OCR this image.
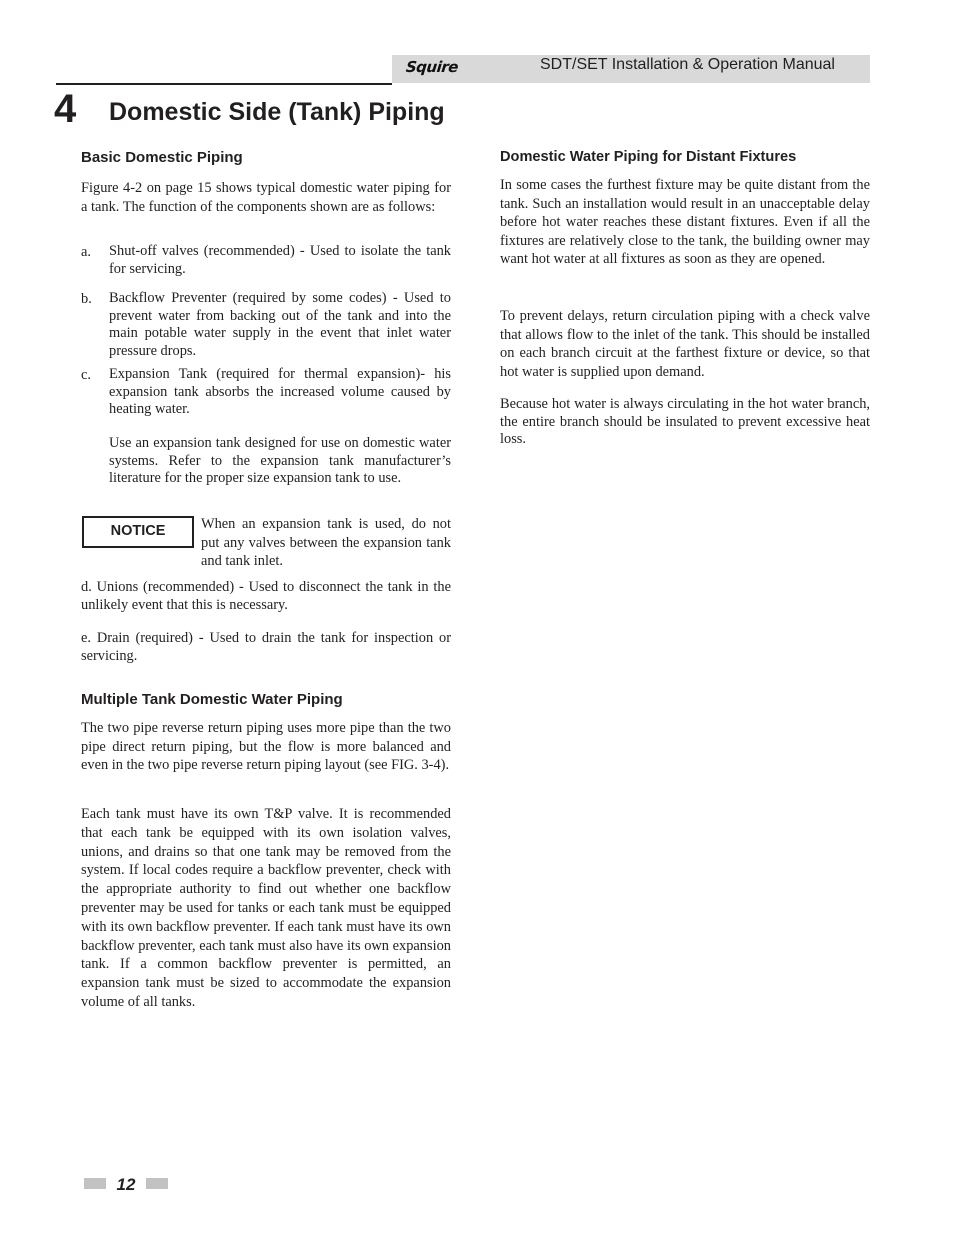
Squire	SDT/SET Installation & Operation Manual
4 Domestic Side (Tank) Piping
Basic Domestic Piping

Figure 4-2 on page 15 shows typical domestic water piping for a tank. The function of the components shown are as follows:

a. Shut-off valves (recommended) - Used to isolate the tank for servicing.
b. Backflow Preventer (required by some codes) - Used to prevent water from backing out of the tank and into the main potable water supply in the event that inlet water pressure drops.
c. Expansion Tank (required for thermal expansion)- his expansion tank absorbs the increased volume caused by heating water.
Use an expansion tank designed for use on domestic water systems. Refer to the expansion tank manufacturer’s literature for the proper size expansion tank to use.
NOTICE	When an expansion tank is used, do not put any valves between the expansion tank and tank inlet.

d. Unions (recommended) - Used to disconnect the tank in the unlikely event that this is necessary.

e. Drain (required) - Used to drain the tank for inspection or servicing.

Multiple Tank Domestic Water Piping

The two pipe reverse return piping uses more pipe than the two pipe direct return piping, but the flow is more balanced and even in the two pipe reverse return piping layout (see FIG. 3-4).

Each tank must have its own T&P valve. It is recommended that each tank be equipped with its own isolation valves, unions, and drains so that one tank may be removed from the system. If local codes require a backflow preventer, check with the appropriate authority to find out whether one backflow preventer may be used for tanks or each tank must be equipped with its own backflow preventer. If each tank must have its own backflow preventer, each tank must also have its own expansion tank. If a common backflow preventer is permitted, an expansion tank must be sized to accommodate the expansion volume of all tanks.

Domestic Water Piping for Distant Fixtures

In some cases the furthest fixture may be quite distant from the tank. Such an installation would result in an unacceptable delay before hot water reaches these distant fixtures. Even if all the fixtures are relatively close to the tank, the building owner may want hot water at all fixtures as soon as they are opened.

To prevent delays, return circulation piping with a check valve that allows flow to the inlet of the tank. This should be installed on each branch circuit at the farthest fixture or device, so that hot water is supplied upon demand.

Because hot water is always circulating in the hot water branch, the entire branch should be insulated to prevent excessive heat loss.

12
